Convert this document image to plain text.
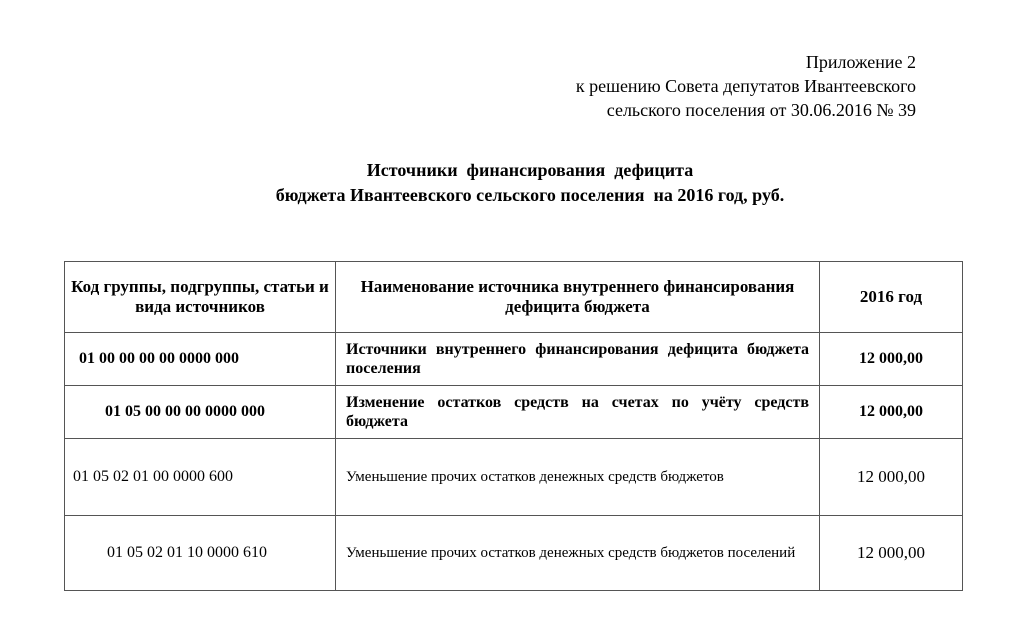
Приложение 2
к решению Совета депутатов Ивантеевского
сельского поселения от 30.06.2016 № 39
Источники  финансирования  дефицита
бюджета Ивантеевского сельского поселения  на 2016 год, руб.
Код группы, подгруппы, статьи и вида источников	Наименование источника внутреннего финансирования дефицита бюджета	2016 год
01 00 00 00 00 0000 000	Источники внутреннего финансирования дефицита бюджета поселения	12 000,00
01 05 00 00 00 0000 000	Изменение остатков средств на счетах по учёту средств бюджета	12 000,00
01 05 02 01 00 0000 600	Уменьшение прочих остатков денежных средств бюджетов	12 000,00
01 05 02 01 10 0000 610	Уменьшение прочих остатков денежных средств бюджетов поселений	12 000,00
